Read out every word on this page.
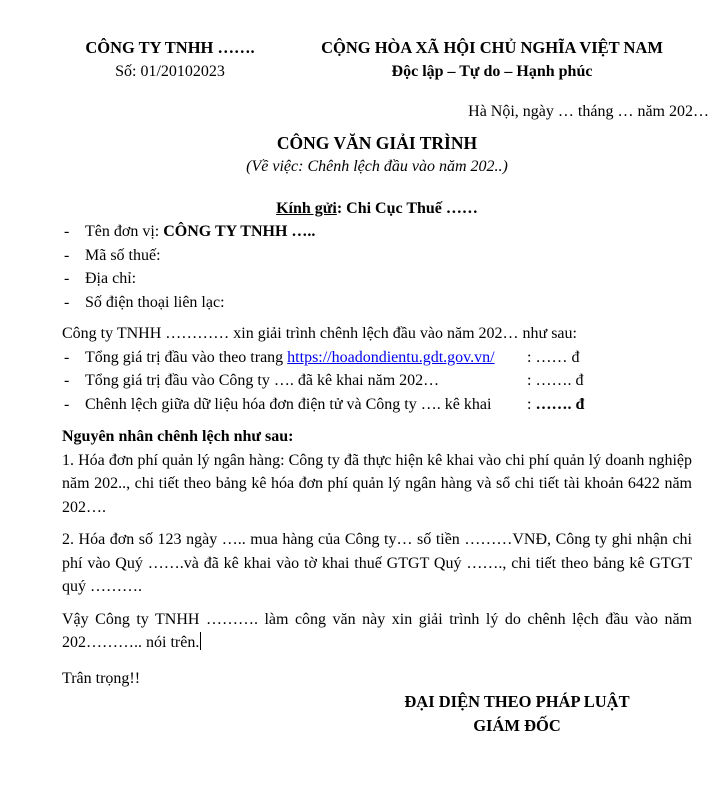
CÔNG TY TNHH …….
Số: 01/20102023
CỘNG HÒA XÃ HỘI CHỦ NGHĨA VIỆT NAM
Độc lập – Tự do – Hạnh phúc
Hà Nội, ngày … tháng … năm 202…
CÔNG VĂN GIẢI TRÌNH
(Về việc: Chênh lệch đầu vào năm 202..)
Kính gửi: Chi Cục Thuế ……
- Tên đơn vị: CÔNG TY TNHH …..
- Mã số thuế:
- Địa chỉ:
- Số điện thoại liên lạc:
Công ty TNHH ………… xin giải trình chênh lệch đầu vào năm 202… như sau:
- Tổng giá trị đầu vào theo trang https://hoadondientu.gdt.gov.vn/ : …… đ
- Tổng giá trị đầu vào Công ty …. đã kê khai năm 202…	: ……. đ
- Chênh lệch giữa dữ liệu hóa đơn điện tử và Công ty …. kê khai : ……. đ
Nguyên nhân chênh lệch như sau:
1. Hóa đơn phí quản lý ngân hàng: Công ty đã thực hiện kê khai vào chi phí quản lý doanh nghiệp năm 202.., chi tiết theo bảng kê hóa đơn phí quản lý ngân hàng và sổ chi tiết tài khoản 6422 năm 202….
2. Hóa đơn số 123 ngày ….. mua hàng của Công ty… số tiền ………VNĐ, Công ty ghi nhận chi phí vào Quý …….và đã kê khai vào tờ khai thuế GTGT Quý ……., chi tiết theo bảng kê GTGT quý ……….
Vậy Công ty TNHH ………. làm công văn này xin giải trình lý do chênh lệch đầu vào năm 202……….. nói trên.
Trân trọng!!
ĐẠI DIỆN THEO PHÁP LUẬT
GIÁM ĐỐC
